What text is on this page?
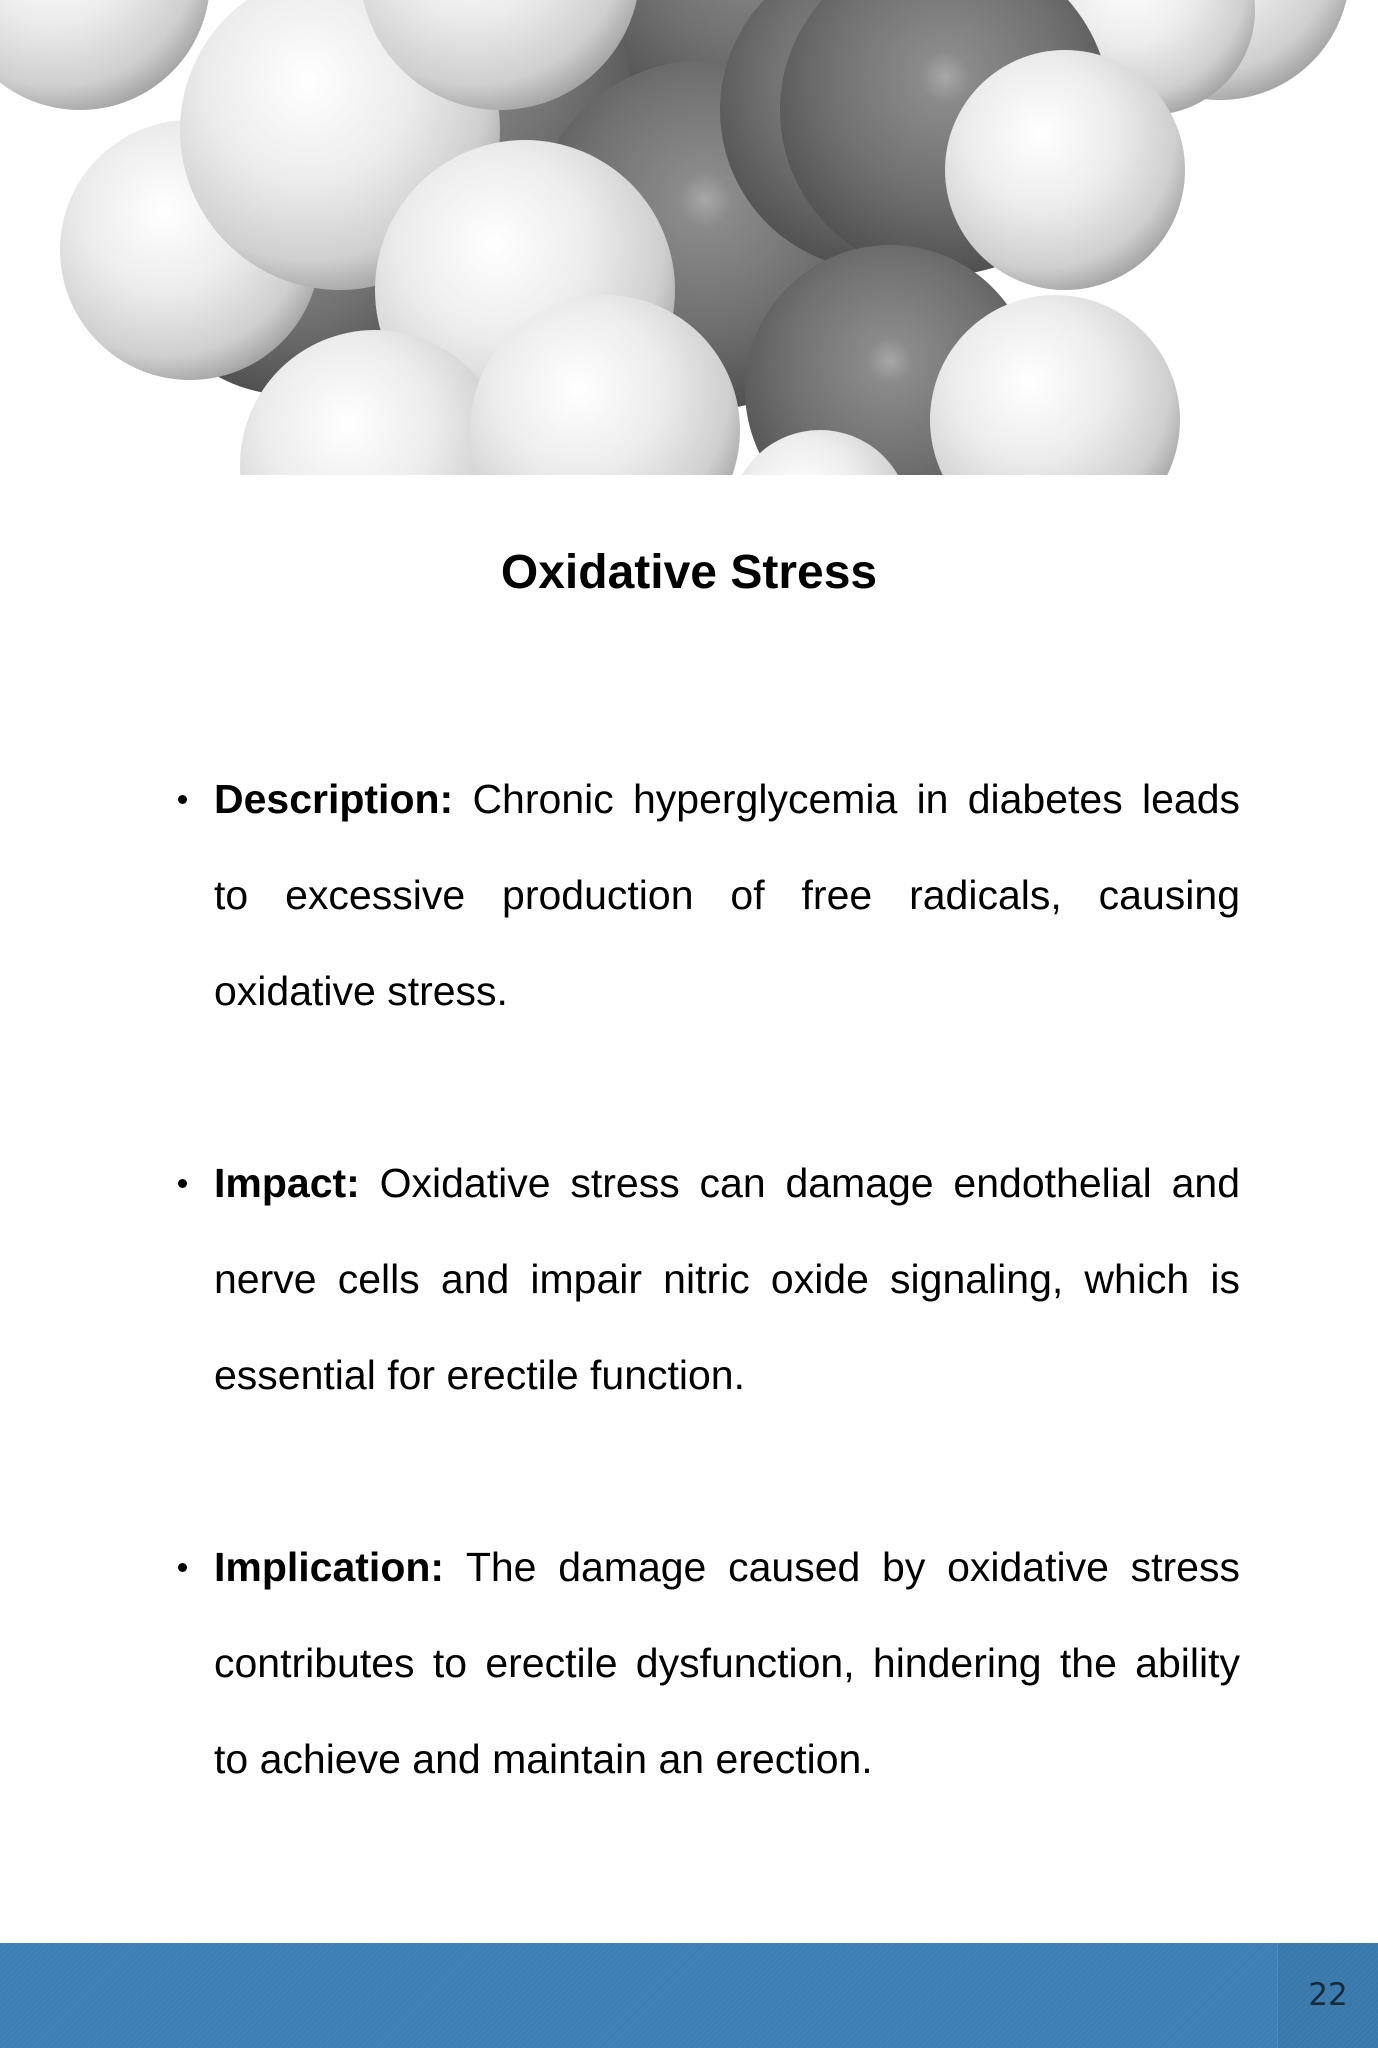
Oxidative Stress
Description: Chronic hyperglycemia in diabetes leads to excessive production of free radicals, causing oxidative stress.
Impact: Oxidative stress can damage endothelial and nerve cells and impair nitric oxide signaling, which is essential for erectile function.
Implication: The damage caused by oxidative stress contributes to erectile dysfunction, hindering the ability to achieve and maintain an erection.
22
